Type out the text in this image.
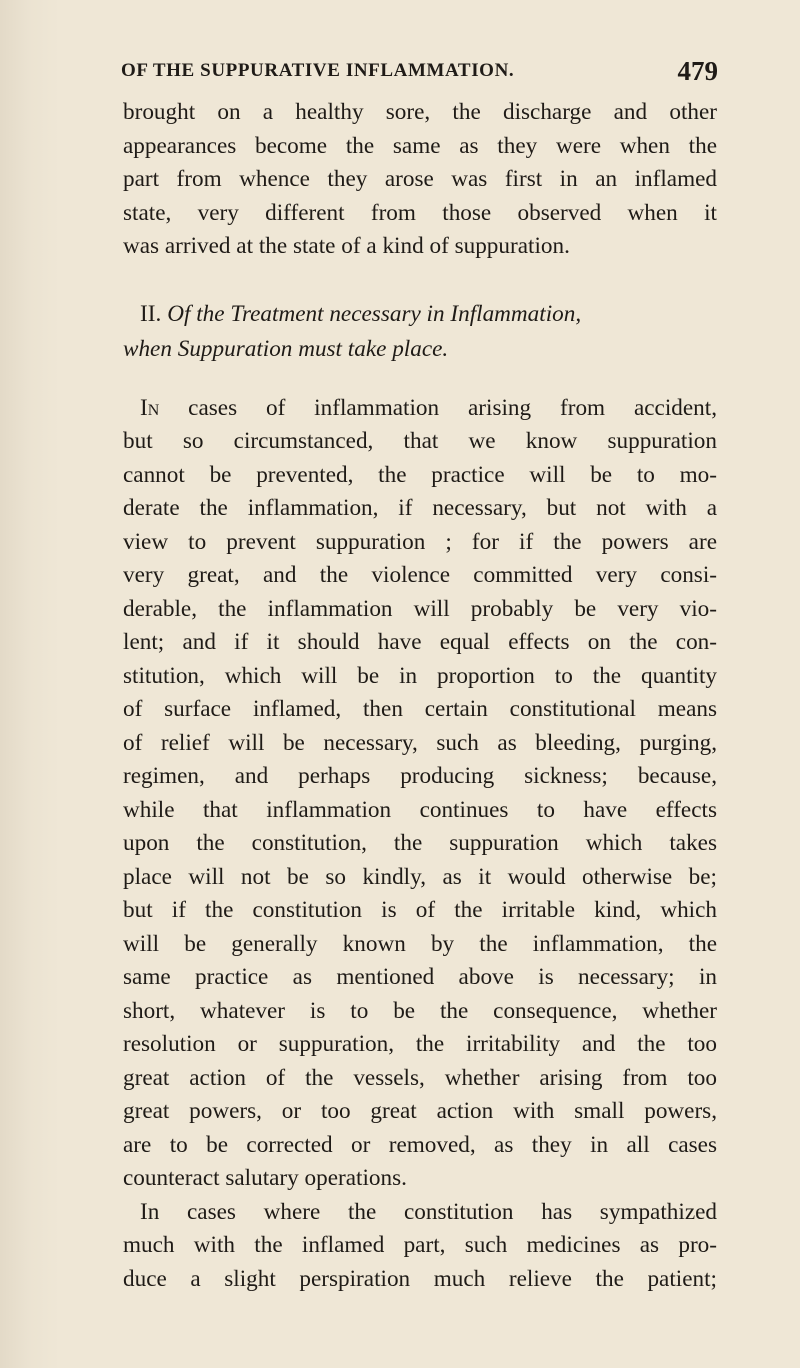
OF THE SUPPURATIVE INFLAMMATION.	479
brought on a healthy sore, the discharge and other
appearances become the same as they were when the
part from whence they arose was first in an inflamed
state, very different from those observed when it
was arrived at the state of a kind of suppuration.
II. Of the Treatment necessary in Inflammation,
when Suppuration must take place.
In cases of inflammation arising from accident,
but so circumstanced, that we know suppuration
cannot be prevented, the practice will be to mo-
derate the inflammation, if necessary, but not with a
view to prevent suppuration ; for if the powers are
very great, and the violence committed very consi-
derable, the inflammation will probably be very vio-
lent; and if it should have equal effects on the con-
stitution, which will be in proportion to the quantity
of surface inflamed, then certain constitutional means
of relief will be necessary, such as bleeding, purging,
regimen, and perhaps producing sickness; because,
while that inflammation continues to have effects
upon the constitution, the suppuration which takes
place will not be so kindly, as it would otherwise be;
but if the constitution is of the irritable kind, which
will be generally known by the inflammation, the
same practice as mentioned above is necessary; in
short, whatever is to be the consequence, whether
resolution or suppuration, the irritability and the too
great action of the vessels, whether arising from too
great powers, or too great action with small powers,
are to be corrected or removed, as they in all cases
counteract salutary operations.
In cases where the constitution has sympathized
much with the inflamed part, such medicines as pro-
duce a slight perspiration much relieve the patient;
